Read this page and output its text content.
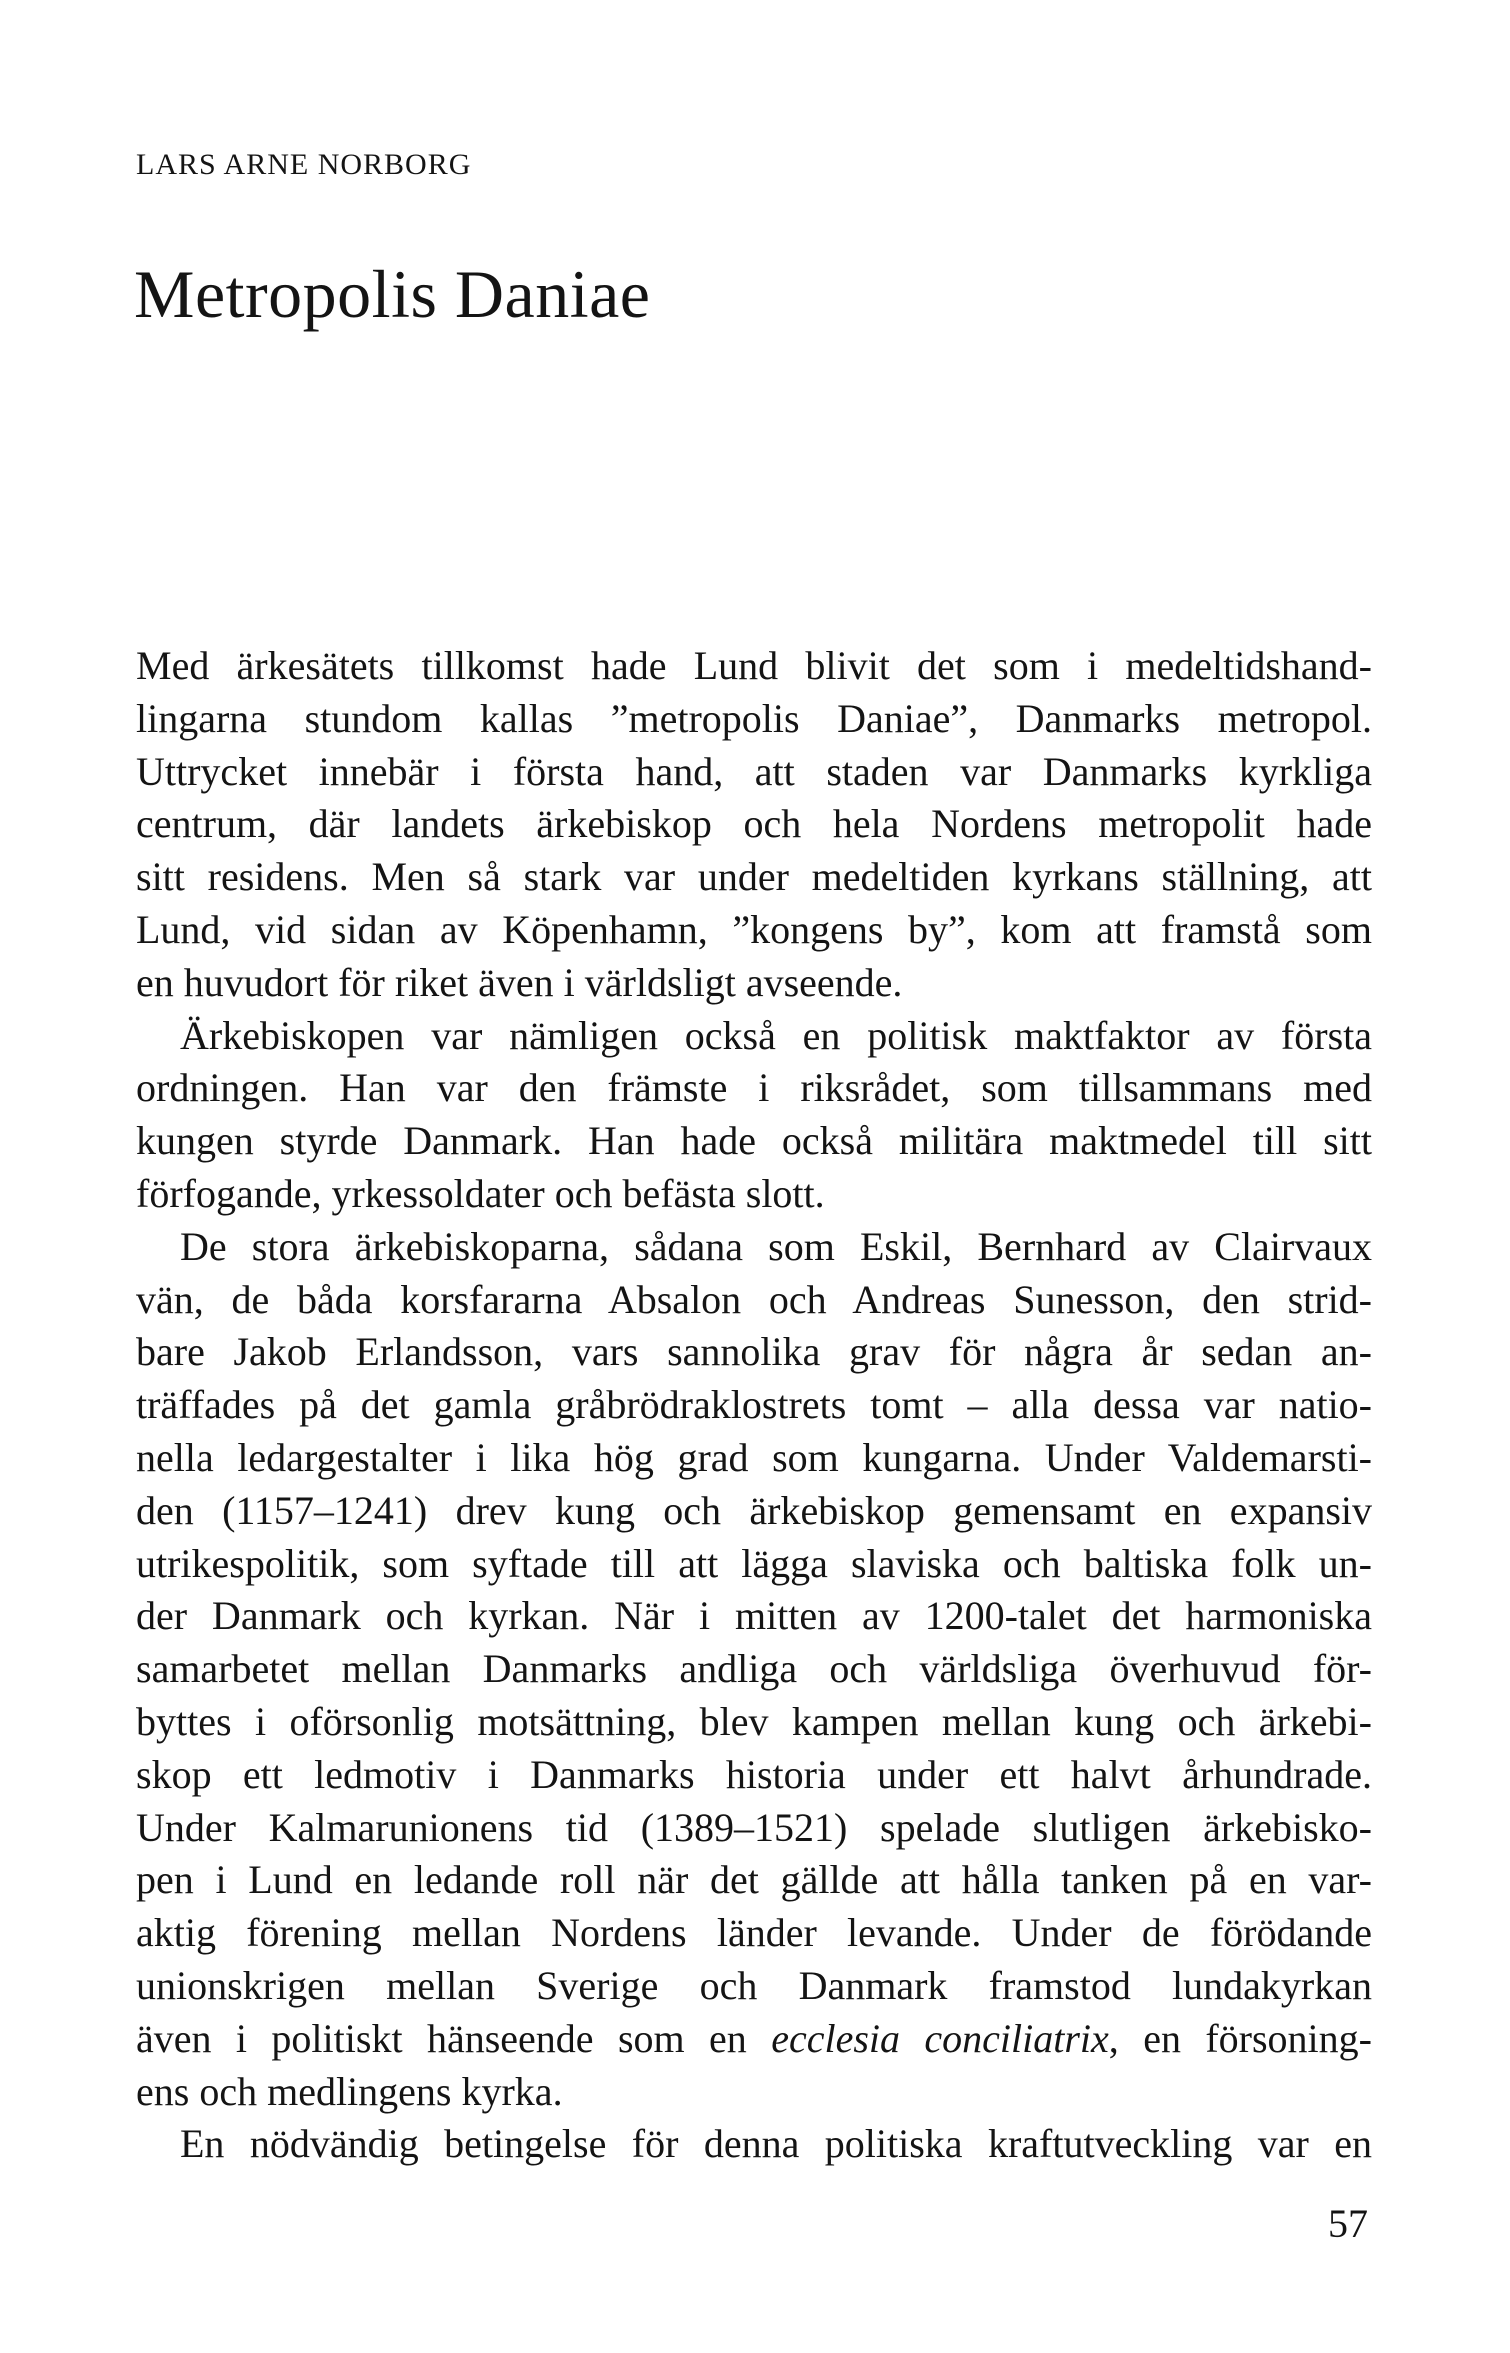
LARS ARNE NORBORG
Metropolis Daniae
Med ärkesätets tillkomst hade Lund blivit det som i medeltidshand-
lingarna stundom kallas ”metropolis Daniae”, Danmarks metropol.
Uttrycket innebär i första hand, att staden var Danmarks kyrkliga
centrum, där landets ärkebiskop och hela Nordens metropolit hade
sitt residens. Men så stark var under medeltiden kyrkans ställning, att
Lund, vid sidan av Köpenhamn, ”kongens by”, kom att framstå som
en huvudort för riket även i världsligt avseende.
Ärkebiskopen var nämligen också en politisk maktfaktor av första
ordningen. Han var den främste i riksrådet, som tillsammans med
kungen styrde Danmark. Han hade också militära maktmedel till sitt
förfogande, yrkessoldater och befästa slott.
De stora ärkebiskoparna, sådana som Eskil, Bernhard av Clairvaux
vän, de båda korsfararna Absalon och Andreas Sunesson, den strid-
bare Jakob Erlandsson, vars sannolika grav för några år sedan an-
träffades på det gamla gråbrödraklostrets tomt – alla dessa var natio-
nella ledargestalter i lika hög grad som kungarna. Under Valdemarsti-
den (1157–1241) drev kung och ärkebiskop gemensamt en expansiv
utrikespolitik, som syftade till att lägga slaviska och baltiska folk un-
der Danmark och kyrkan. När i mitten av 1200-talet det harmoniska
samarbetet mellan Danmarks andliga och världsliga överhuvud för-
byttes i oförsonlig motsättning, blev kampen mellan kung och ärkebi-
skop ett ledmotiv i Danmarks historia under ett halvt århundrade.
Under Kalmarunionens tid (1389–1521) spelade slutligen ärkebisko-
pen i Lund en ledande roll när det gällde att hålla tanken på en var-
aktig förening mellan Nordens länder levande. Under de förödande
unionskrigen mellan Sverige och Danmark framstod lundakyrkan
även i politiskt hänseende som en ecclesia conciliatrix, en försoning-
ens och medlingens kyrka.
En nödvändig betingelse för denna politiska kraftutveckling var en
57
